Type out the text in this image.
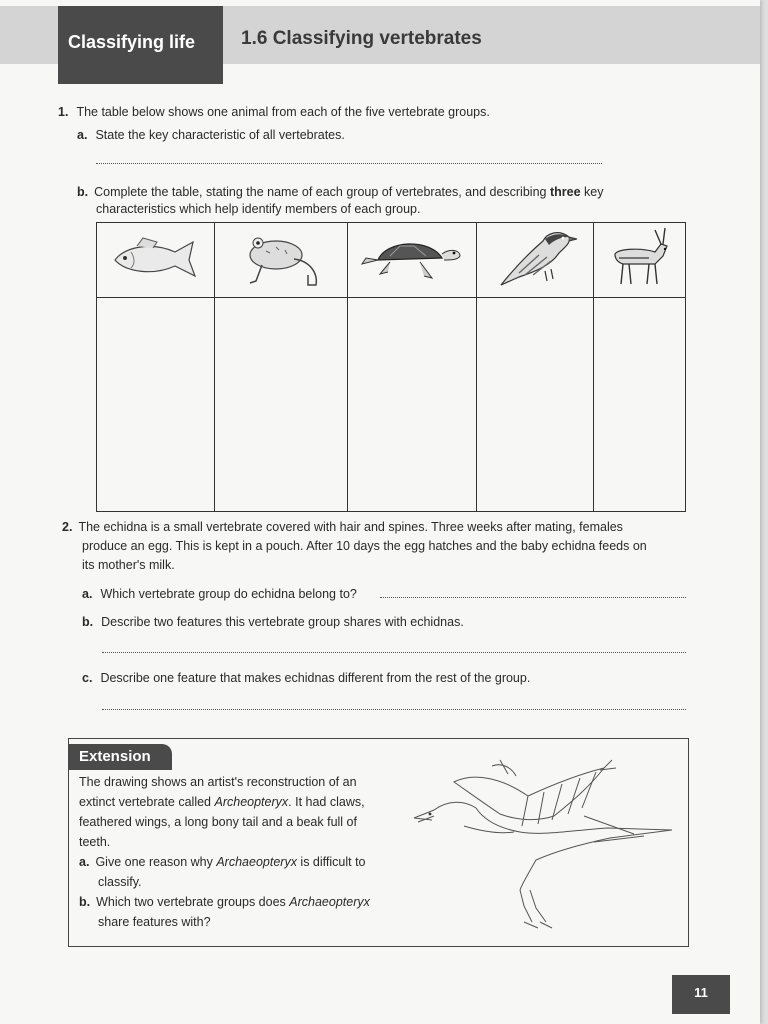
Classifying life	1.6 Classifying vertebrates
1. The table below shows one animal from each of the five vertebrate groups.
a. State the key characteristic of all vertebrates.
b. Complete the table, stating the name of each group of vertebrates, and describing three key characteristics which help identify members of each group.

2. The echidna is a small vertebrate covered with hair and spines. Three weeks after mating, females
produce an egg. This is kept in a pouch. After 10 days the egg hatches and the baby echidna feeds on
its mother's milk.
a. Which vertebrate group do echidna belong to?
b. Describe two features this vertebrate group shares with echidnas.
c. Describe one feature that makes echidnas different from the rest of the group.
Extension
The drawing shows an artist's reconstruction of an extinct vertebrate called Archeopteryx. It had claws, feathered wings, a long bony tail and a beak full of teeth.
a. Give one reason why Archaeopteryx is difficult to classify.
b. Which two vertebrate groups does Archaeopteryx share features with?
11
